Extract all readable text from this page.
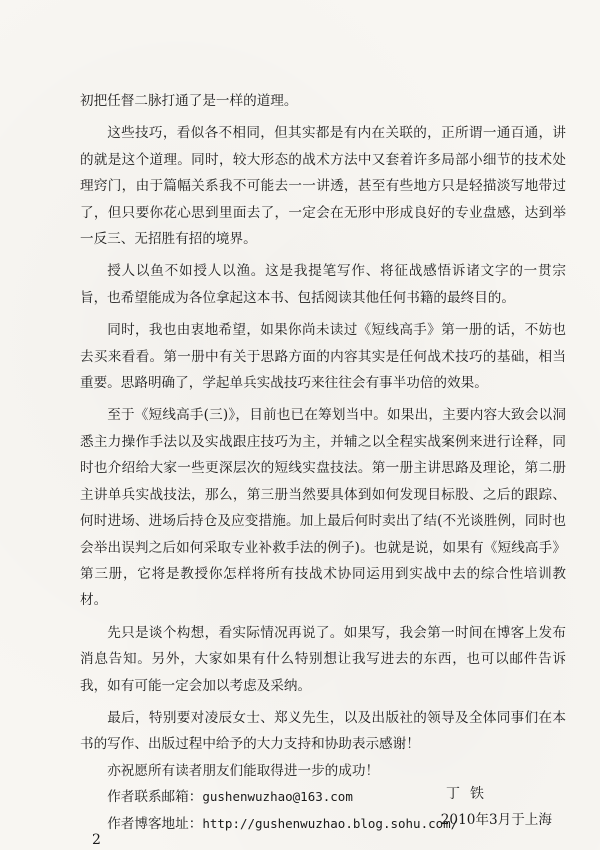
初把任督二脉打通了是一样的道理。

这些技巧，看似各不相同，但其实都是有内在关联的，正所谓一通百通，讲的就是这个道理。同时，较大形态的战术方法中又套着许多局部小细节的技术处理窍门，由于篇幅关系我不可能去一一讲透，甚至有些地方只是轻描淡写地带过了，但只要你花心思到里面去了，一定会在无形中形成良好的专业盘感，达到举一反三、无招胜有招的境界。

授人以鱼不如授人以渔。这是我提笔写作、将征战感悟诉诸文字的一贯宗旨，也希望能成为各位拿起这本书、包括阅读其他任何书籍的最终目的。

同时，我也由衷地希望，如果你尚未读过《短线高手》第一册的话，不妨也去买来看看。第一册中有关于思路方面的内容其实是任何战术技巧的基础，相当重要。思路明确了，学起单兵实战技巧来往往会有事半功倍的效果。

至于《短线高手(三)》，目前也已在筹划当中。如果出，主要内容大致会以洞悉主力操作手法以及实战跟庄技巧为主，并辅之以全程实战案例来进行诠释，同时也介绍给大家一些更深层次的短线实盘技法。第一册主讲思路及理论，第二册主讲单兵实战技法，那么，第三册当然要具体到如何发现目标股、之后的跟踪、何时进场、进场后持仓及应变措施。加上最后何时卖出了结(不光谈胜例，同时也会举出误判之后如何采取专业补救手法的例子)。也就是说，如果有《短线高手》第三册，它将是教授你怎样将所有技战术协同运用到实战中去的综合性培训教材。

先只是谈个构想，看实际情况再说了。如果写，我会第一时间在博客上发布消息告知。另外，大家如果有什么特别想让我写进去的东西，也可以邮件告诉我，如有可能一定会加以考虑及采纳。

最后，特别要对凌辰女士、郑义先生，以及出版社的领导及全体同事们在本书的写作、出版过程中给予的大力支持和协助表示感谢！

亦祝愿所有读者朋友们能取得进一步的成功！

作者联系邮箱：gushenwuzhao@163.com

作者博客地址：http://gushenwuzhao.blog.sohu.com/

丁铁
2010年3月于上海
2
